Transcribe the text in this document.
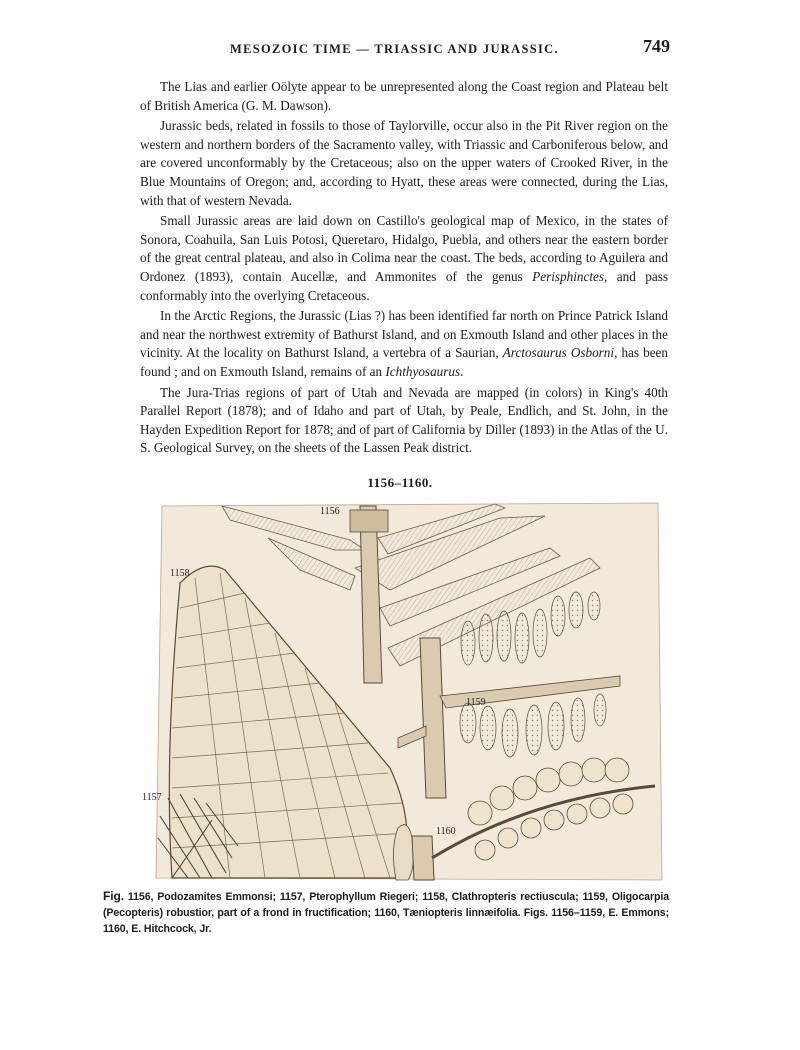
MESOZOIC TIME — TRIASSIC AND JURASSIC.	749

The Lias and earlier Oölyte appear to be unrepresented along the Coast region and Plateau belt of British America (G. M. Dawson).

Jurassic beds, related in fossils to those of Taylorville, occur also in the Pit River region on the western and northern borders of the Sacramento valley, with Triassic and Carboniferous below, and are covered unconformably by the Cretaceous; also on the upper waters of Crooked River, in the Blue Mountains of Oregon; and, according to Hyatt, these areas were connected, during the Lias, with that of western Nevada.

Small Jurassic areas are laid down on Castillo's geological map of Mexico, in the states of Sonora, Coahuila, San Luis Potosi, Queretaro, Hidalgo, Puebla, and others near the eastern border of the great central plateau, and also in Colima near the coast. The beds, according to Aguilera and Ordonez (1893), contain Aucellæ, and Ammonites of the genus Perisphinctes, and pass conformably into the overlying Cretaceous.

In the Arctic Regions, the Jurassic (Lias ?) has been identified far north on Prince Patrick Island and near the northwest extremity of Bathurst Island, and on Exmouth Island and other places in the vicinity. At the locality on Bathurst Island, a vertebra of a Saurian, Arctosaurus Osborni, has been found ; and on Exmouth Island, remains of an Ichthyosaurus.

The Jura-Trias regions of part of Utah and Nevada are mapped (in colors) in King's 40th Parallel Report (1878); and of Idaho and part of Utah, by Peale, Endlich, and St. John, in the Hayden Expedition Report for 1878; and of part of California by Diller (1893) in the Atlas of the U. S. Geological Survey, on the sheets of the Lassen Peak district.

1156–1160.
1156
1158
1159
1157
1160
Fig. 1156, Podozamites Emmonsi; 1157, Pterophyllum Riegeri; 1158, Clathropteris rectiuscula; 1159, Oligocarpia (Pecopteris) robustior, part of a frond in fructification; 1160, Tæniopteris linnæifolia. Figs. 1156–1159, E. Emmons; 1160, E. Hitchcock, Jr.
